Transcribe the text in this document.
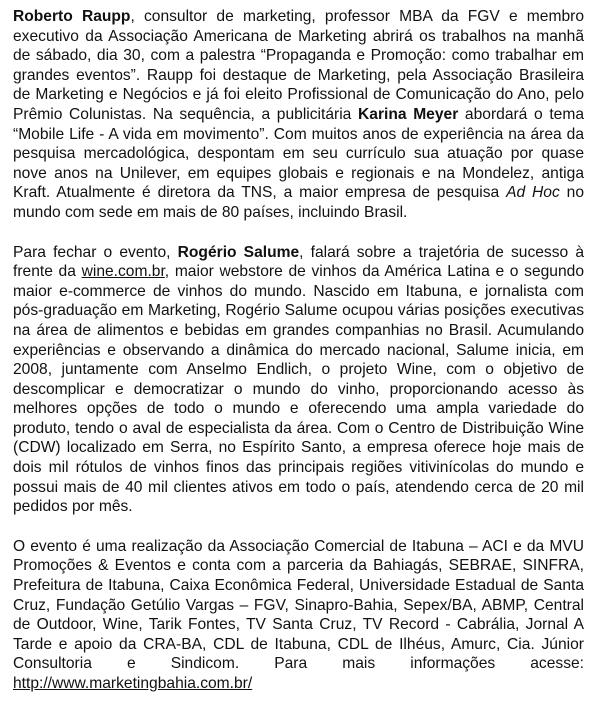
Roberto Raupp, consultor de marketing, professor MBA da FGV e membro executivo da Associação Americana de Marketing abrirá os trabalhos na manhã de sábado, dia 30, com a palestra “Propaganda e Promoção: como trabalhar em grandes eventos”. Raupp foi destaque de Marketing, pela Associação Brasileira de Marketing e Negócios e já foi eleito Profissional de Comunicação do Ano, pelo Prêmio Colunistas. Na sequência, a publicitária Karina Meyer abordará o tema “Mobile Life - A vida em movimento”. Com muitos anos de experiência na área da pesquisa mercadológica, despontam em seu currículo sua atuação por quase nove anos na Unilever, em equipes globais e regionais e na Mondelez, antiga Kraft. Atualmente é diretora da TNS, a maior empresa de pesquisa Ad Hoc no mundo com sede em mais de 80 países, incluindo Brasil.

Para fechar o evento, Rogério Salume, falará sobre a trajetória de sucesso à frente da wine.com.br, maior webstore de vinhos da América Latina e o segundo maior e-commerce de vinhos do mundo. Nascido em Itabuna, e jornalista com pós-graduação em Marketing, Rogério Salume ocupou várias posições executivas na área de alimentos e bebidas em grandes companhias no Brasil. Acumulando experiências e observando a dinâmica do mercado nacional, Salume inicia, em 2008, juntamente com Anselmo Endlich, o projeto Wine, com o objetivo de descomplicar e democratizar o mundo do vinho, proporcionando acesso às melhores opções de todo o mundo e oferecendo uma ampla variedade do produto, tendo o aval de especialista da área. Com o Centro de Distribuição Wine (CDW) localizado em Serra, no Espírito Santo, a empresa oferece hoje mais de dois mil rótulos de vinhos finos das principais regiões vitivinícolas do mundo e possui mais de 40 mil clientes ativos em todo o país, atendendo cerca de 20 mil pedidos por mês.

O evento é uma realização da Associação Comercial de Itabuna – ACI e da MVU Promoções & Eventos e conta com a parceria da Bahiagás, SEBRAE, SINFRA, Prefeitura de Itabuna, Caixa Econômica Federal, Universidade Estadual de Santa Cruz, Fundação Getúlio Vargas – FGV, Sinapro-Bahia, Sepex/BA, ABMP, Central de Outdoor, Wine, Tarik Fontes, TV Santa Cruz, TV Record - Cabrália, Jornal A Tarde e apoio da CRA-BA, CDL de Itabuna, CDL de Ilhéus, Amurc, Cia. Júnior Consultoria e Sindicom. Para mais informações acesse: http://www.marketingbahia.com.br/
